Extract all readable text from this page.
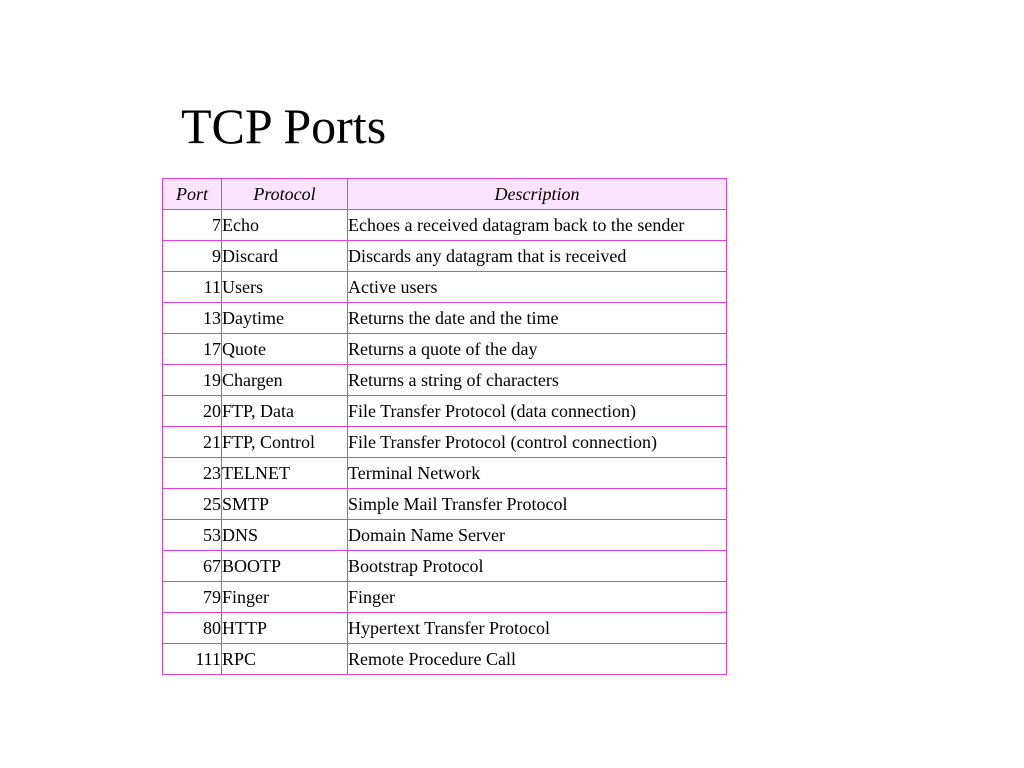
TCP Ports
Port	Protocol	Description
7	Echo	Echoes a received datagram back to the sender
9	Discard	Discards any datagram that is received
11	Users	Active users
13	Daytime	Returns the date and the time
17	Quote	Returns a quote of the day
19	Chargen	Returns a string of characters
20	FTP, Data	File Transfer Protocol (data connection)
21	FTP, Control	File Transfer Protocol (control connection)
23	TELNET	Terminal Network
25	SMTP	Simple Mail Transfer Protocol
53	DNS	Domain Name Server
67	BOOTP	Bootstrap Protocol
79	Finger	Finger
80	HTTP	Hypertext Transfer Protocol
111	RPC	Remote Procedure Call
